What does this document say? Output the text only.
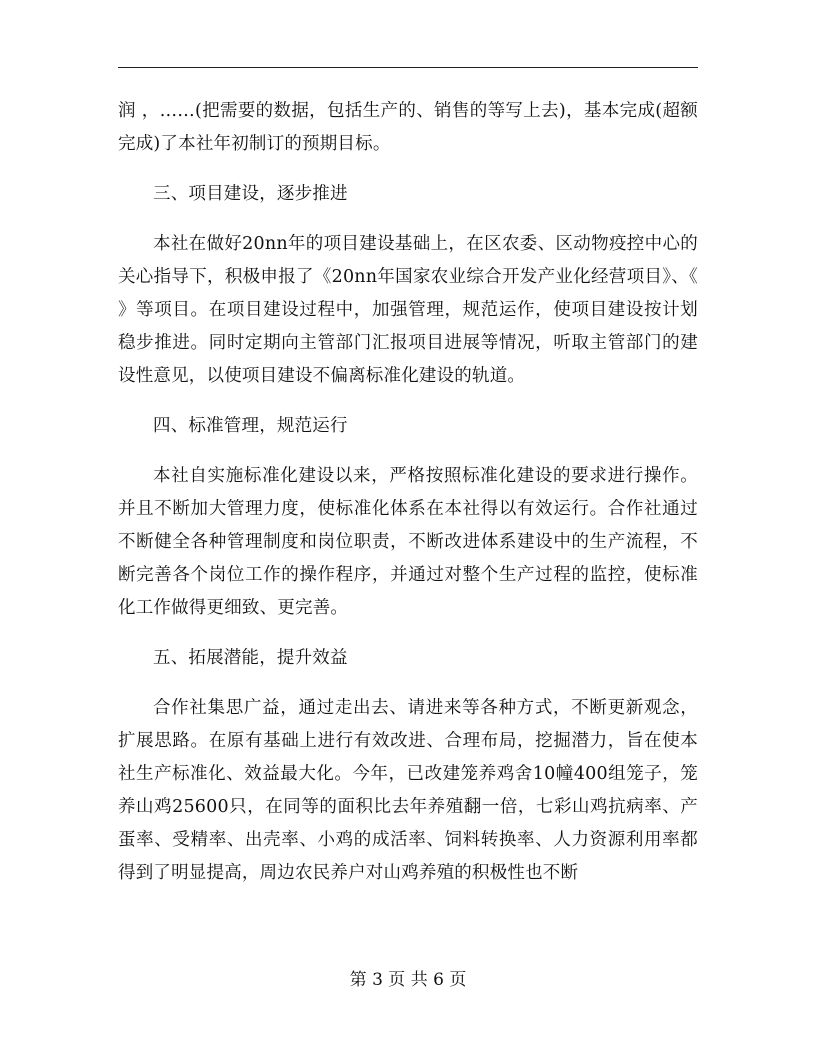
润 ，……(把需要的数据，包括生产的、销售的等写上去)，基本完成(超额完成)了本社年初制订的预期目标。

三、项目建设，逐步推进

本社在做好20nn年的项目建设基础上，在区农委、区动物疫控中心的关心指导下，积极申报了《20nn年国家农业综合开发产业化经营项目》、《 》等项目。在项目建设过程中，加强管理，规范运作，使项目建设按计划稳步推进。同时定期向主管部门汇报项目进展等情况，听取主管部门的建设性意见，以使项目建设不偏离标准化建设的轨道。

四、标准管理，规范运行

本社自实施标准化建设以来，严格按照标准化建设的要求进行操作。并且不断加大管理力度，使标准化体系在本社得以有效运行。合作社通过不断健全各种管理制度和岗位职责，不断改进体系建设中的生产流程，不断完善各个岗位工作的操作程序，并通过对整个生产过程的监控，使标准化工作做得更细致、更完善。

五、拓展潜能，提升效益

合作社集思广益，通过走出去、请进来等各种方式，不断更新观念，扩展思路。在原有基础上进行有效改进、合理布局，挖掘潜力，旨在使本社生产标准化、效益最大化。今年，已改建笼养鸡舍10幢400组笼子，笼养山鸡25600只，在同等的面积比去年养殖翻一倍，七彩山鸡抗病率、产蛋率、受精率、出壳率、小鸡的成活率、饲料转换率、人力资源利用率都得到了明显提高，周边农民养户对山鸡养殖的积极性也不断

第 3 页 共 6 页
